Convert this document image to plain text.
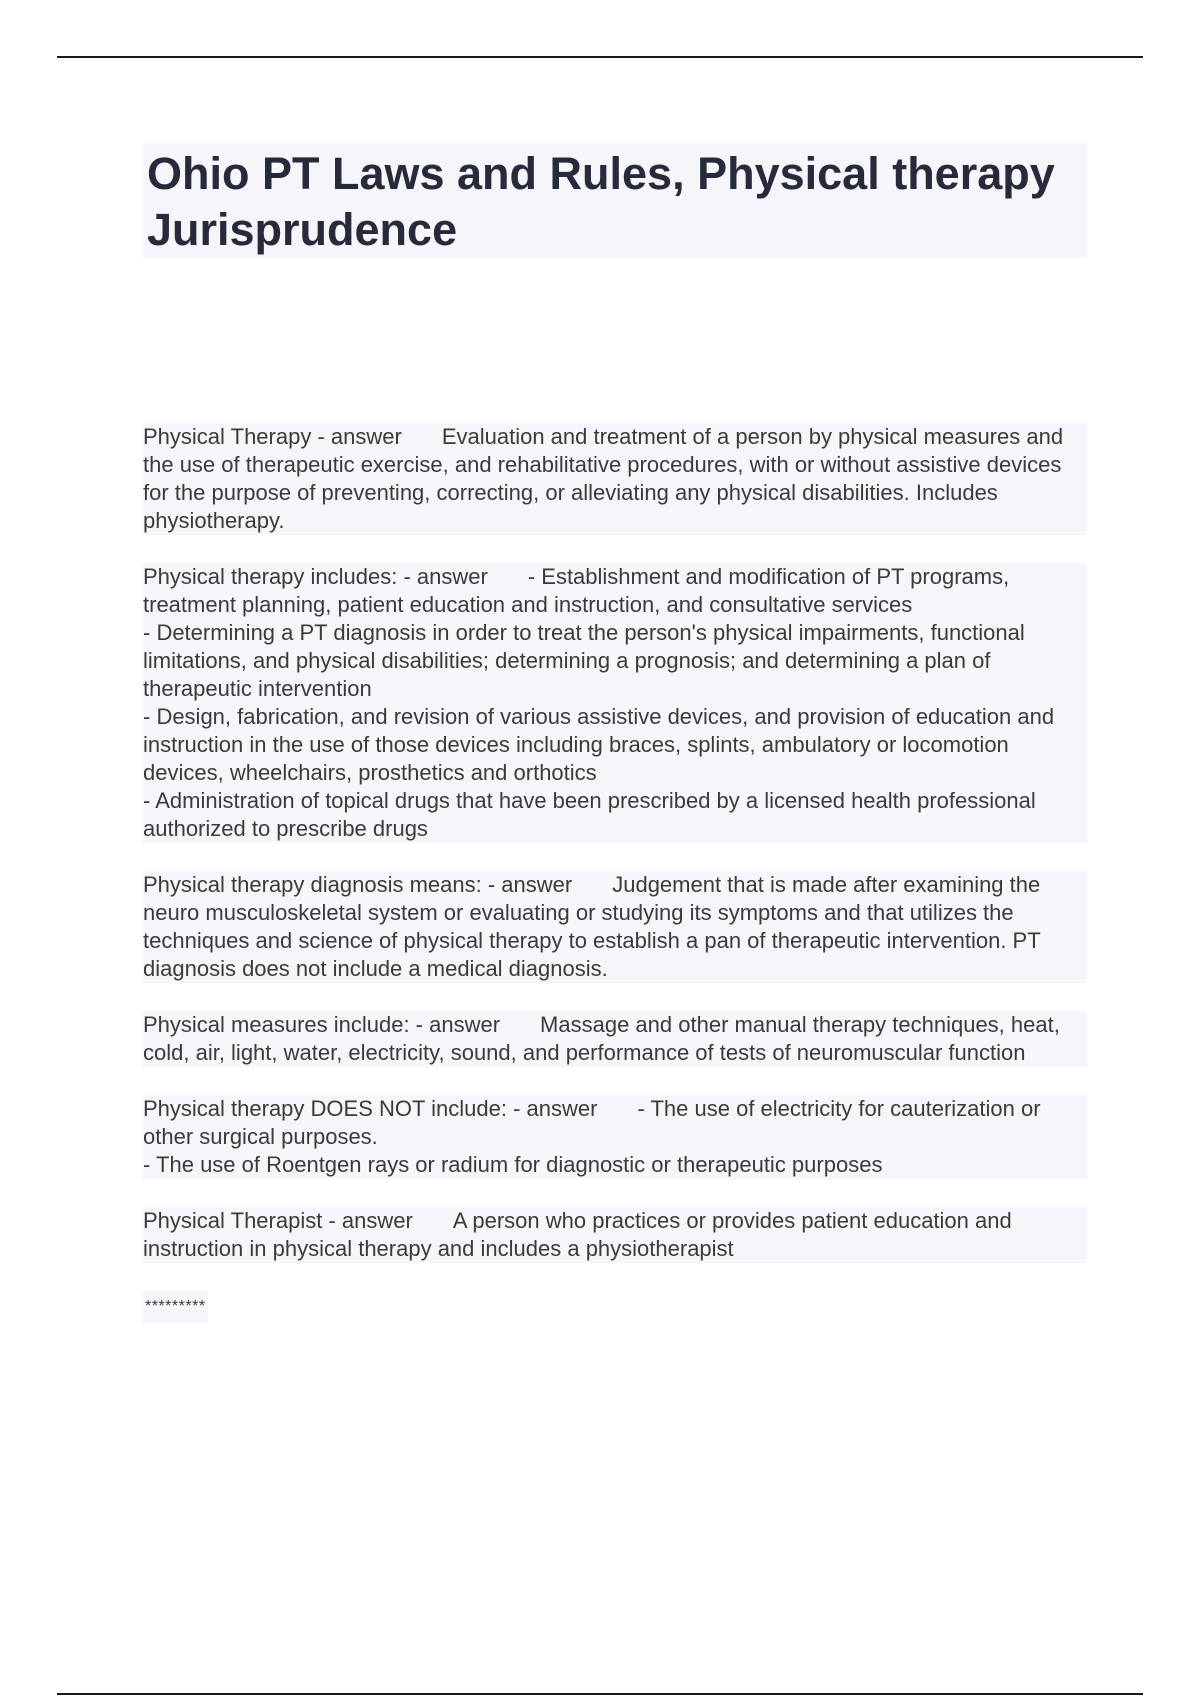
Ohio PT Laws and Rules, Physical therapy Jurisprudence

Physical Therapy - answer Evaluation and treatment of a person by physical measures and the use of therapeutic exercise, and rehabilitative procedures, with or without assistive devices for the purpose of preventing, correcting, or alleviating any physical disabilities. Includes physiotherapy.

Physical therapy includes: - answer - Establishment and modification of PT programs, treatment planning, patient education and instruction, and consultative services
- Determining a PT diagnosis in order to treat the person's physical impairments, functional limitations, and physical disabilities; determining a prognosis; and determining a plan of therapeutic intervention
- Design, fabrication, and revision of various assistive devices, and provision of education and instruction in the use of those devices including braces, splints, ambulatory or locomotion devices, wheelchairs, prosthetics and orthotics
- Administration of topical drugs that have been prescribed by a licensed health professional authorized to prescribe drugs

Physical therapy diagnosis means: - answer Judgement that is made after examining the neuro musculoskeletal system or evaluating or studying its symptoms and that utilizes the techniques and science of physical therapy to establish a pan of therapeutic intervention. PT diagnosis does not include a medical diagnosis.

Physical measures include: - answer Massage and other manual therapy techniques, heat, cold, air, light, water, electricity, sound, and performance of tests of neuromuscular function

Physical therapy DOES NOT include: - answer - The use of electricity for cauterization or other surgical purposes.
- The use of Roentgen rays or radium for diagnostic or therapeutic purposes

Physical Therapist - answer A person who practices or provides patient education and instruction in physical therapy and includes a physiotherapist

*********
